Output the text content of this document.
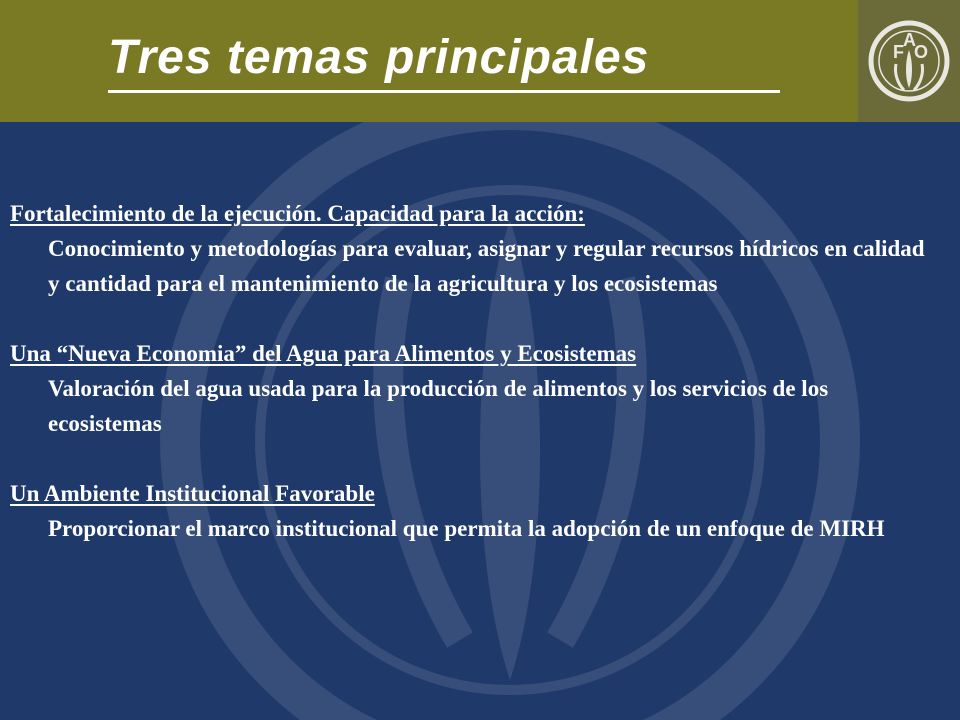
F
A
O
Tres temas principales
Fortalecimiento de la ejecución. Capacidad para la acción:
Conocimiento y metodologías para evaluar, asignar y regular recursos hídricos en calidad y cantidad para el mantenimiento de la agricultura y los ecosistemas
Una “Nueva Economia” del Agua para Alimentos y Ecosistemas
Valoración del agua usada para la producción de alimentos y los servicios de los ecosistemas
Un Ambiente Institucional Favorable
Proporcionar el marco institucional que permita la adopción de un enfoque de MIRH
